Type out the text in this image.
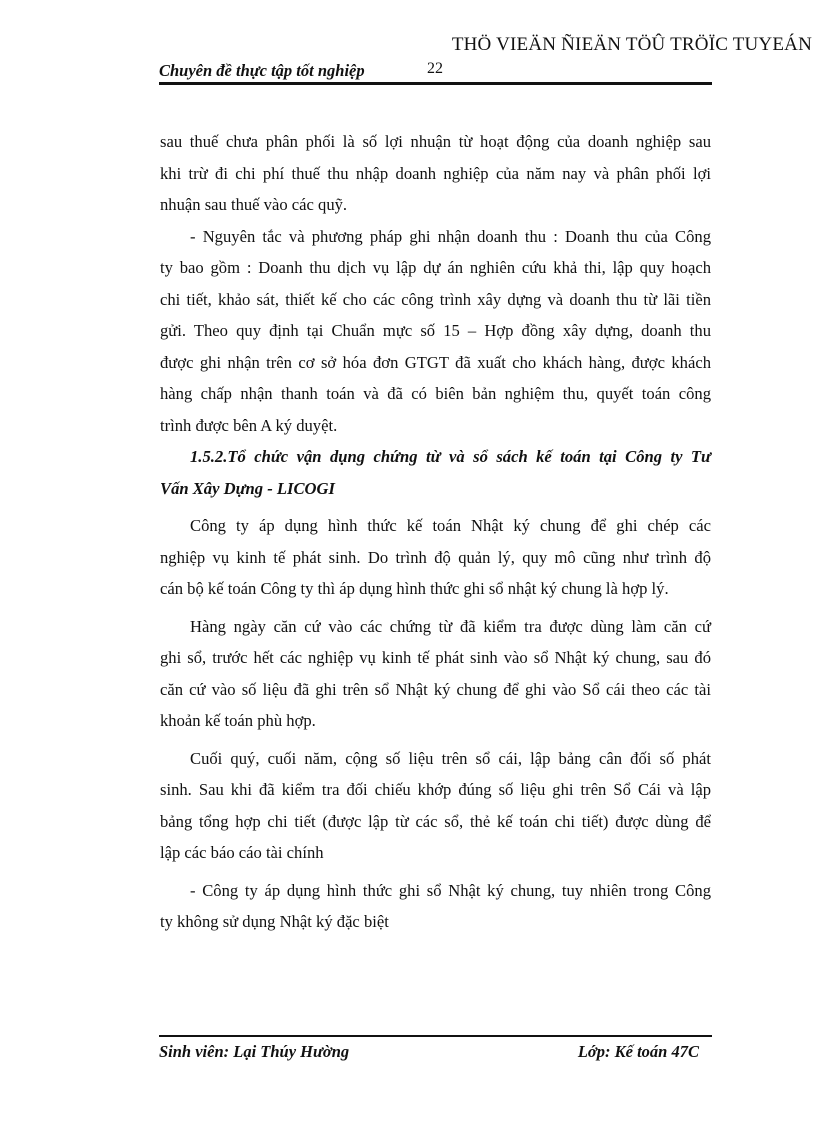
THÖ VIEÄN ÑIEÄN TÖÛ TRÖÏC TUYEÁN
Chuyên đề thực tập tốt nghiệp	22
sau thuế chưa phân phối là số lợi nhuận từ hoạt động của doanh nghiệp sau
khi trừ đi chi phí thuế thu nhập doanh nghiệp của năm nay và phân phối lợi
nhuận sau thuế vào các quỹ.
- Nguyên tắc và phương pháp ghi nhận doanh thu : Doanh thu của Công
ty bao gồm : Doanh thu dịch vụ lập dự án nghiên cứu khả thi, lập quy hoạch
chi tiết, khảo sát, thiết kế cho các công trình xây dựng và doanh thu từ lãi tiền
gửi. Theo quy định tại Chuẩn mực số 15 – Hợp đồng xây dựng, doanh thu
được ghi nhận trên cơ sở hóa đơn GTGT đã xuất cho khách hàng, được khách
hàng chấp nhận thanh toán và đã có biên bản nghiệm thu, quyết toán công
trình được bên A ký duyệt.
1.5.2.Tổ chức vận dụng chứng từ và sổ sách kế toán tại Công ty Tư
Vấn Xây Dựng - LICOGI
Công ty áp dụng hình thức kế toán Nhật ký chung để ghi chép các
nghiệp vụ kinh tế phát sinh. Do trình độ quản lý, quy mô cũng như trình độ
cán bộ kế toán Công ty thì áp dụng hình thức ghi sổ nhật ký chung là hợp lý.
Hàng ngày căn cứ vào các chứng từ đã kiểm tra được dùng làm căn cứ
ghi sổ, trước hết các nghiệp vụ kinh tế phát sinh vào sổ Nhật ký chung, sau đó
căn cứ vào số liệu đã ghi trên sổ Nhật ký chung để ghi vào Sổ cái theo các tài
khoản kế toán phù hợp.
Cuối quý, cuối năm, cộng số liệu trên sổ cái, lập bảng cân đối số phát
sinh. Sau khi đã kiểm tra đối chiếu khớp đúng số liệu ghi trên Sổ Cái và lập
bảng tổng hợp chi tiết (được lập từ các sổ, thẻ kế toán chi tiết) được dùng để
lập các báo cáo tài chính
- Công ty áp dụng hình thức ghi sổ Nhật ký chung, tuy nhiên trong Công
ty không sử dụng Nhật ký đặc biệt
Sinh viên: Lại Thúy Hường	Lớp: Kế toán 47C
